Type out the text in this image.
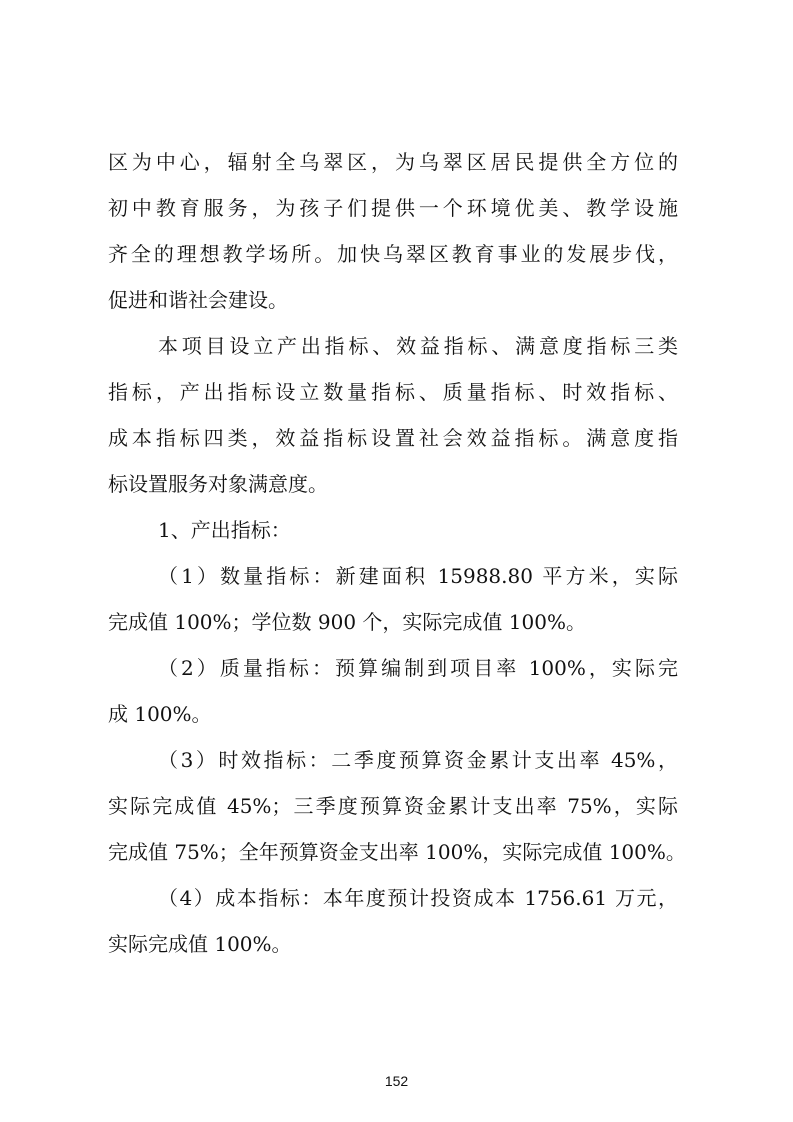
区为中心，辐射全乌翠区，为乌翠区居民提供全方位的
初中教育服务，为孩子们提供一个环境优美、教学设施
齐全的理想教学场所。加快乌翠区教育事业的发展步伐，
促进和谐社会建设。
本项目设立产出指标、效益指标、满意度指标三类
指标，产出指标设立数量指标、质量指标、时效指标、
成本指标四类，效益指标设置社会效益指标。满意度指
标设置服务对象满意度。
1、产出指标：
（1）数量指标：新建面积 15988.80 平方米，实际
完成值 100%；学位数 900 个，实际完成值 100%。
（2）质量指标：预算编制到项目率 100%，实际完
成 100%。
（3）时效指标：二季度预算资金累计支出率 45%，
实际完成值 45%；三季度预算资金累计支出率 75%，实际
完成值 75%；全年预算资金支出率 100%，实际完成值 100%。
（4）成本指标：本年度预计投资成本 1756.61 万元，
实际完成值 100%。
152
